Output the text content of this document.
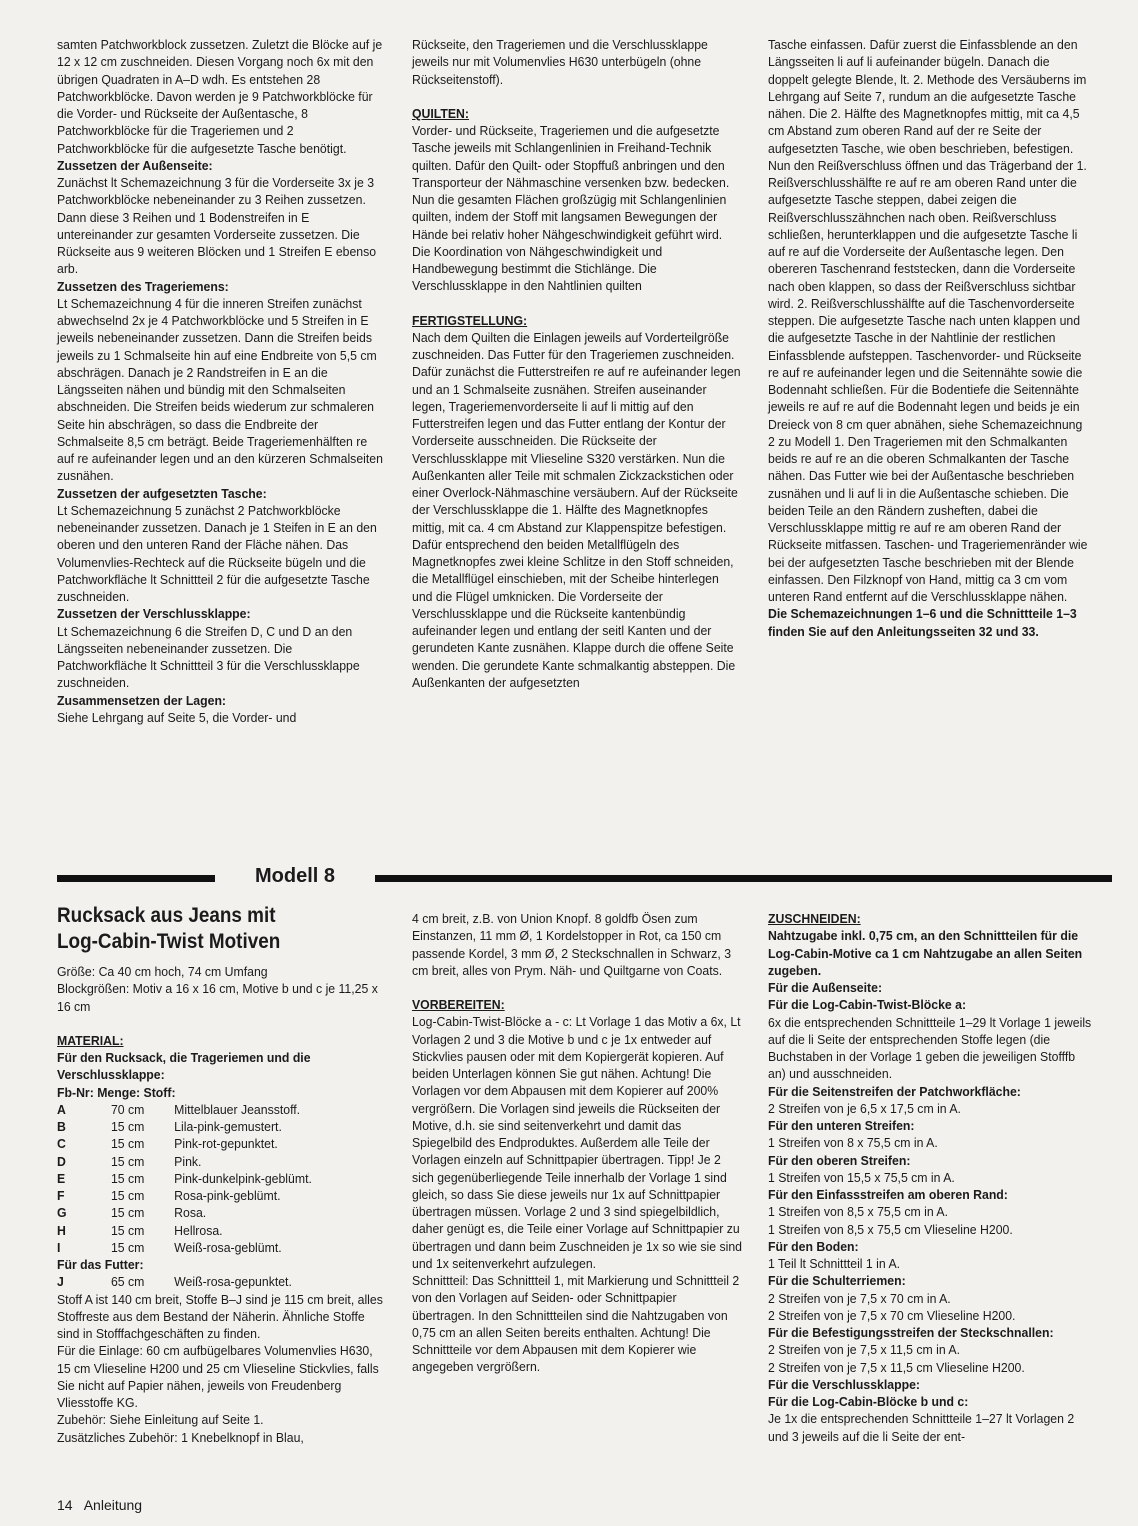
samten Patchworkblock zussetzen. Zuletzt die Blöcke auf je 12 x 12 cm zuschneiden. Diesen Vorgang noch 6x mit den übrigen Quadraten in A–D wdh. Es entstehen 28 Patchworkblöcke. Davon werden je 9 Patchworkblöcke für die Vorder- und Rückseite der Außentasche, 8 Patchworkblöcke für die Trageriemen und 2 Patchworkblöcke für die aufgesetzte Tasche benötigt.

Zussetzen der Außenseite:

Zunächst lt Schemazeichnung 3 für die Vorderseite 3x je 3 Patchworkblöcke nebeneinander zu 3 Reihen zussetzen. Dann diese 3 Reihen und 1 Bodenstreifen in E untereinander zur gesamten Vorderseite zussetzen. Die Rückseite aus 9 weiteren Blöcken und 1 Streifen E ebenso arb.

Zussetzen des Trageriemens:

Lt Schemazeichnung 4 für die inneren Streifen zunächst abwechselnd 2x je 4 Patchworkblöcke und 5 Streifen in E jeweils nebeneinander zussetzen. Dann die Streifen beids jeweils zu 1 Schmalseite hin auf eine Endbreite von 5,5 cm abschrägen. Danach je 2 Randstreifen in E an die Längsseiten nähen und bündig mit den Schmalseiten abschneiden. Die Streifen beids wiederum zur schmaleren Seite hin abschrägen, so dass die Endbreite der Schmalseite 8,5 cm beträgt. Beide Trageriemenhälften re auf re aufeinander legen und an den kürzeren Schmalseiten zusnähen.

Zussetzen der aufgesetzten Tasche:

Lt Schemazeichnung 5 zunächst 2 Patchworkblöcke nebeneinander zussetzen. Danach je 1 Steifen in E an den oberen und den unteren Rand der Fläche nähen. Das Volumenvlies-Rechteck auf die Rückseite bügeln und die Patchworkfläche lt Schnittteil 2 für die aufgesetzte Tasche zuschneiden.

Zussetzen der Verschlussklappe:

Lt Schemazeichnung 6 die Streifen D, C und D an den Längsseiten nebeneinander zussetzen. Die Patchworkfläche lt Schnittteil 3 für die Verschlussklappe zuschneiden.

Zusammensetzen der Lagen:

Siehe Lehrgang auf Seite 5, die Vorder- und

Rückseite, den Trageriemen und die Verschlussklappe jeweils nur mit Volumenvlies H630 unterbügeln (ohne Rückseitenstoff).

QUILTEN:

Vorder- und Rückseite, Trageriemen und die aufgesetzte Tasche jeweils mit Schlangenlinien in Freihand-Technik quilten. Dafür den Quilt- oder Stopffuß anbringen und den Transporteur der Nähmaschine versenken bzw. bedecken. Nun die gesamten Flächen großzügig mit Schlangenlinien quilten, indem der Stoff mit langsamen Bewegungen der Hände bei relativ hoher Nähgeschwindigkeit geführt wird. Die Koordination von Nähgeschwindigkeit und Handbewegung bestimmt die Stichlänge. Die Verschlussklappe in den Nahtlinien quilten

FERTIGSTELLUNG:

Nach dem Quilten die Einlagen jeweils auf Vorderteilgröße zuschneiden. Das Futter für den Trageriemen zuschneiden. Dafür zunächst die Futterstreifen re auf re aufeinander legen und an 1 Schmalseite zusnähen. Streifen auseinander legen, Trageriemenvorderseite li auf li mittig auf den Futterstreifen legen und das Futter entlang der Kontur der Vorderseite ausschneiden. Die Rückseite der Verschlussklappe mit Vlieseline S320 verstärken. Nun die Außenkanten aller Teile mit schmalen Zickzackstichen oder einer Overlock-Nähmaschine versäubern. Auf der Rückseite der Verschlussklappe die 1. Hälfte des Magnetknopfes mittig, mit ca. 4 cm Abstand zur Klappenspitze befestigen. Dafür entsprechend den beiden Metallflügeln des Magnetknopfes zwei kleine Schlitze in den Stoff schneiden, die Metallflügel einschieben, mit der Scheibe hinterlegen und die Flügel umknicken. Die Vorderseite der Verschlussklappe und die Rückseite kantenbündig aufeinander legen und entlang der seitl Kanten und der gerundeten Kante zusnähen. Klappe durch die offene Seite wenden. Die gerundete Kante schmalkantig absteppen. Die Außenkanten der aufgesetzten

Tasche einfassen. Dafür zuerst die Einfassblende an den Längsseiten li auf li aufeinander bügeln. Danach die doppelt gelegte Blende, lt. 2. Methode des Versäuberns im Lehrgang auf Seite 7, rundum an die aufgesetzte Tasche nähen. Die 2. Hälfte des Magnetknopfes mittig, mit ca 4,5 cm Abstand zum oberen Rand auf der re Seite der aufgesetzten Tasche, wie oben beschrieben, befestigen. Nun den Reißverschluss öffnen und das Trägerband der 1. Reißverschlusshälfte re auf re am oberen Rand unter die aufgesetzte Tasche steppen, dabei zeigen die Reißverschlusszähnchen nach oben. Reißverschluss schließen, herunterklappen und die aufgesetzte Tasche li auf re auf die Vorderseite der Außentasche legen. Den obereren Taschenrand feststecken, dann die Vorderseite nach oben klappen, so dass der Reißverschluss sichtbar wird. 2. Reißverschlusshälfte auf die Taschenvorderseite steppen. Die aufgesetzte Tasche nach unten klappen und die aufgesetzte Tasche in der Nahtlinie der restlichen Einfassblende aufsteppen. Taschenvorder- und Rückseite re auf re aufeinander legen und die Seitennähte sowie die Bodennaht schließen. Für die Bodentiefe die Seitennähte jeweils re auf re auf die Bodennaht legen und beids je ein Dreieck von 8 cm quer abnähen, siehe Schemazeichnung 2 zu Modell 1. Den Trageriemen mit den Schmalkanten beids re auf re an die oberen Schmalkanten der Tasche nähen. Das Futter wie bei der Außentasche beschrieben zusnähen und li auf li in die Außentasche schieben. Die beiden Teile an den Rändern zusheften, dabei die Verschlussklappe mittig re auf re am oberen Rand der Rückseite mitfassen. Taschen- und Trageriemenränder wie bei der aufgesetzten Tasche beschrieben mit der Blende einfassen. Den Filzknopf von Hand, mittig ca 3 cm vom unteren Rand entfernt auf die Verschlussklappe nähen.

Die Schemazeichnungen 1–6 und die Schnittteile 1–3 finden Sie auf den Anleitungsseiten 32 und 33.

Modell 8
Rucksack aus Jeans mit
Log-Cabin-Twist Motiven

Größe: Ca 40 cm hoch, 74 cm Umfang

Blockgrößen: Motiv a 16 x 16 cm, Motive b und c je 11,25 x 16 cm

MATERIAL:

Für den Rucksack, die Trageriemen und die Verschlussklappe:

Fb-Nr: Menge: Stoff:

A	70 cm	Mittelblauer Jeansstoff.
B	15 cm	Lila-pink-gemustert.
C	15 cm	Pink-rot-gepunktet.
D	15 cm	Pink.
E	15 cm	Pink-dunkelpink-geblümt.
F	15 cm	Rosa-pink-geblümt.
G	15 cm	Rosa.
H	15 cm	Hellrosa.
I	15 cm	Weiß-rosa-geblümt.

Für das Futter:

J	65 cm	Weiß-rosa-gepunktet.

Stoff A ist 140 cm breit, Stoffe B–J sind je 115 cm breit, alles Stoffreste aus dem Bestand der Näherin. Ähnliche Stoffe sind in Stofffachgeschäften zu finden.

Für die Einlage: 60 cm aufbügelbares Volumenvlies H630, 15 cm Vlieseline H200 und 25 cm Vlieseline Stickvlies, falls Sie nicht auf Papier nähen, jeweils von Freudenberg Vliesstoffe KG.

Zubehör: Siehe Einleitung auf Seite 1.

Zusätzliches Zubehör: 1 Knebelknopf in Blau,

4 cm breit, z.B. von Union Knopf. 8 goldfb Ösen zum Einstanzen, 11 mm Ø, 1 Kordelstopper in Rot, ca 150 cm passende Kordel, 3 mm Ø, 2 Steckschnallen in Schwarz, 3 cm breit, alles von Prym. Näh- und Quiltgarne von Coats.

VORBEREITEN:

Log-Cabin-Twist-Blöcke a - c: Lt Vorlage 1 das Motiv a 6x, Lt Vorlagen 2 und 3 die Motive b und c je 1x entweder auf Stickvlies pausen oder mit dem Kopiergerät kopieren. Auf beiden Unterlagen können Sie gut nähen. Achtung! Die Vorlagen vor dem Abpausen mit dem Kopierer auf 200% vergrößern. Die Vorlagen sind jeweils die Rückseiten der Motive, d.h. sie sind seitenverkehrt und damit das Spiegelbild des Endproduktes. Außerdem alle Teile der Vorlagen einzeln auf Schnittpapier übertragen. Tipp! Je 2 sich gegenüberliegende Teile innerhalb der Vorlage 1 sind gleich, so dass Sie diese jeweils nur 1x auf Schnittpapier übertragen müssen. Vorlage 2 und 3 sind spiegelbildlich, daher genügt es, die Teile einer Vorlage auf Schnittpapier zu übertragen und dann beim Zuschneiden je 1x so wie sie sind und 1x seitenverkehrt aufzulegen.

Schnittteil: Das Schnittteil 1, mit Markierung und Schnittteil 2 von den Vorlagen auf Seiden- oder Schnittpapier übertragen. In den Schnittteilen sind die Nahtzugaben von 0,75 cm an allen Seiten bereits enthalten. Achtung! Die Schnittteile vor dem Abpausen mit dem Kopierer wie angegeben vergrößern.

ZUSCHNEIDEN:

Nahtzugabe inkl. 0,75 cm, an den Schnittteilen für die Log-Cabin-Motive ca 1 cm Nahtzugabe an allen Seiten zugeben.

Für die Außenseite:

Für die Log-Cabin-Twist-Blöcke a:

6x die entsprechenden Schnittteile 1–29 lt Vorlage 1 jeweils auf die li Seite der entsprechenden Stoffe legen (die Buchstaben in der Vorlage 1 geben die jeweiligen Stofffb an) und ausschneiden.

Für die Seitenstreifen der Patchworkfläche:

2 Streifen von je 6,5 x 17,5 cm in A.

Für den unteren Streifen:

1 Streifen von 8 x 75,5 cm in A.

Für den oberen Streifen:

1 Streifen von 15,5 x 75,5 cm in A.

Für den Einfassstreifen am oberen Rand:

1 Streifen von 8,5 x 75,5 cm in A.

1 Streifen von 8,5 x 75,5 cm Vlieseline H200.

Für den Boden:

1 Teil lt Schnittteil 1 in A.

Für die Schulterriemen:

2 Streifen von je 7,5 x 70 cm in A.

2 Streifen von je 7,5 x 70 cm Vlieseline H200.

Für die Befestigungsstreifen der Steckschnallen:

2 Streifen von je 7,5 x 11,5 cm in A.

2 Streifen von je 7,5 x 11,5 cm Vlieseline H200.

Für die Verschlussklappe:

Für die Log-Cabin-Blöcke b und c:

Je 1x die entsprechenden Schnittteile 1–27 lt Vorlagen 2 und 3 jeweils auf die li Seite der ent-

14 Anleitung
